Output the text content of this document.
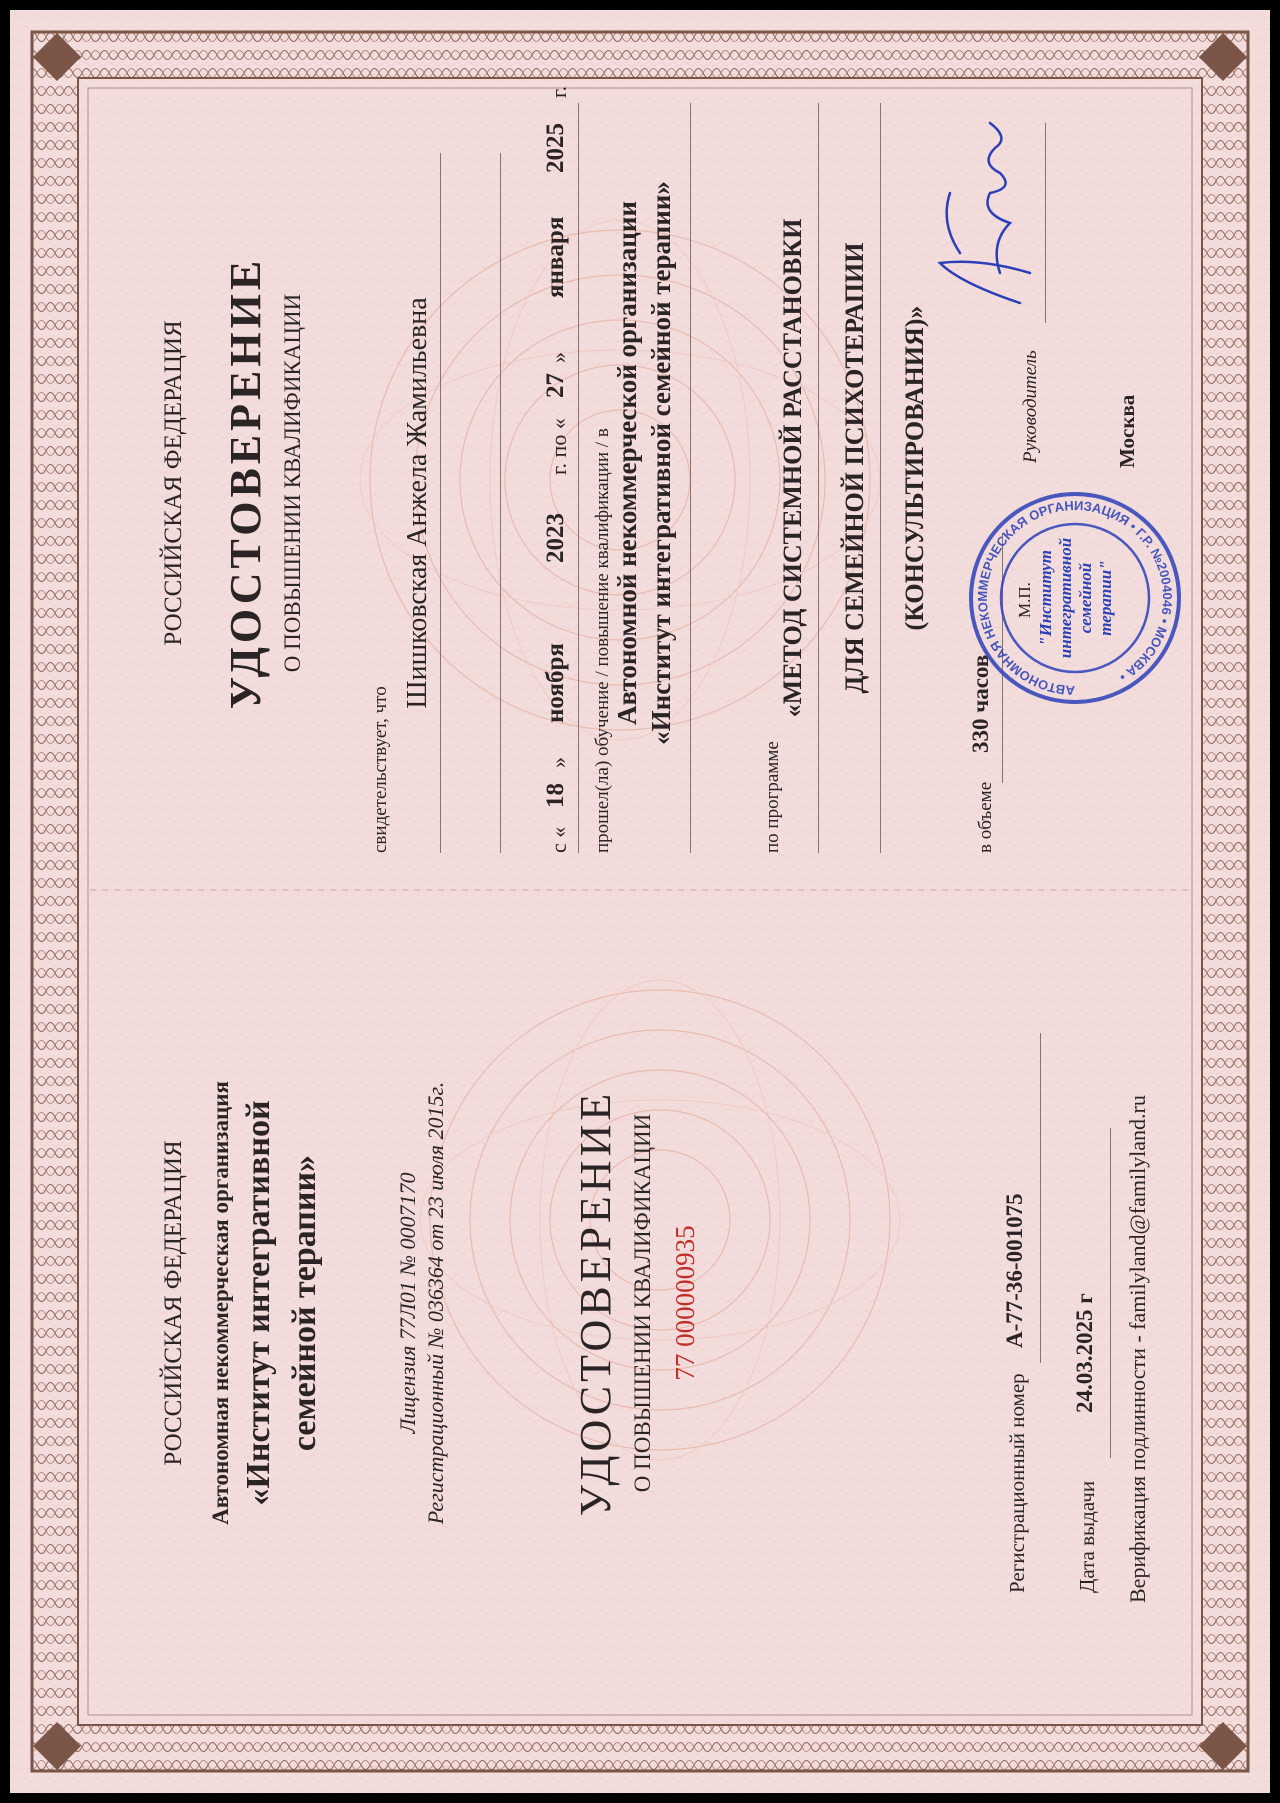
РОССИЙСКАЯ ФЕДЕРАЦИЯ Автономная некоммерческая организация «Институт интегративной семейной терапии»	Лицензия 77Л01 № 0007170 Регистрационный № 036364 от 23 июля 2015г.	УДОСТОВЕРЕНИЕ О ПОВЫШЕНИИ КВАЛИФИКАЦИИ 77 000000935
Регистрационный номер
А-77-36-001075
Дата выдачи
24.03.2025 г Верификация подлинности - familyland@familyland.ru
РОССИЙСКАЯ ФЕДЕРАЦИЯ УДОСТОВЕРЕНИЕ О ПОВЫШЕНИИ КВАЛИФИКАЦИИ
свидетельствует, что
Шишковская Анжела Жамильевна
с «
18
»
ноября
2023
г. по «
27
»
января
2025
г.
прошел(ла) обучение / повышение квалификации / в Автономной некоммерческой организации «Институт интегративной семейной терапии»
по программе
«МЕТОД СИСТЕМНОЙ РАССТАНОВКИ ДЛЯ СЕМЕЙНОЙ ПСИХОТЕРАПИИ (КОНСУЛЬТИРОВАНИЯ)»
в объеме
330 часов
М.П.
Руководитель	Москва
АВТОНОМНАЯ НЕКОММЕРЧЕСКАЯ ОРГАНИЗАЦИЯ • Г.Р. №2004046 • МОСКВА •
"Институт интегративной семейной терапии"
